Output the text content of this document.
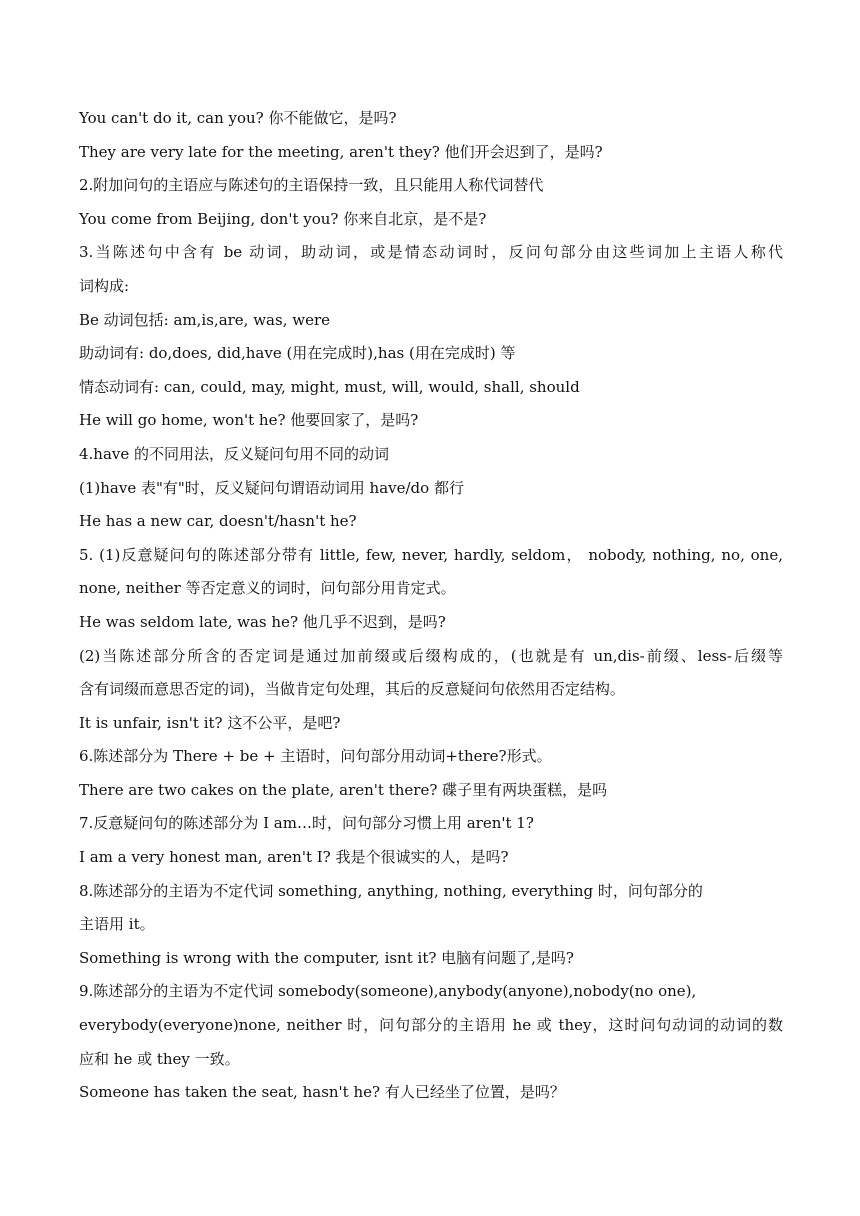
You can't do it, can you? 你不能做它，是吗?
They are very late for the meeting, aren't they? 他们开会迟到了，是吗?
2.附加问句的主语应与陈述句的主语保持一致，且只能用人称代词替代
You come from Beijing, don't you? 你来自北京，是不是?
3.当陈述句中含有 be 动词，助动词，或是情态动词时，反问句部分由这些词加上主语人称代
词构成:
Be 动词包括: am,is,are, was, were
助动词有: do,does, did,have (用在完成时),has (用在完成时) 等
情态动词有: can, could, may, might, must, will, would, shall, should
He will go home, won't he? 他要回家了，是吗?
4.have 的不同用法，反义疑问句用不同的动词
(1)have 表"有"时，反义疑问句谓语动词用 have/do 都行
He has a new car, doesn't/hasn't he?
5. (1)反意疑问句的陈述部分带有 little, few, never, hardly, seldom， nobody, nothing, no, one,
none, neither 等否定意义的词时，问句部分用肯定式。
He was seldom late, was he? 他几乎不迟到，是吗?
(2)当陈述部分所含的否定词是通过加前缀或后缀构成的，(也就是有 un,dis-前缀、less-后缀等
含有词缀而意思否定的词)，当做肯定句处理，其后的反意疑问句依然用否定结构。
It is unfair, isn't it? 这不公平，是吧?
6.陈述部分为 There + be + 主语时，问句部分用动词+there?形式。
There are two cakes on the plate, aren't there? 碟子里有两块蛋糕，是吗
7.反意疑问句的陈述部分为 I am…时，问句部分习惯上用 aren't 1?
I am a very honest man, aren't I? 我是个很诚实的人，是吗?
8.陈述部分的主语为不定代词 something, anything, nothing, everything 时，问句部分的
主语用 it。
Something is wrong with the computer, isnt it? 电脑有问题了,是吗?
9.陈述部分的主语为不定代词 somebody(someone),anybody(anyone),nobody(no one),
everybody(everyone)none, neither 时，问句部分的主语用 he 或 they，这时问句动词的动词的数
应和 he 或 they 一致。
Someone has taken the seat, hasn't he? 有人已经坐了位置，是吗？
